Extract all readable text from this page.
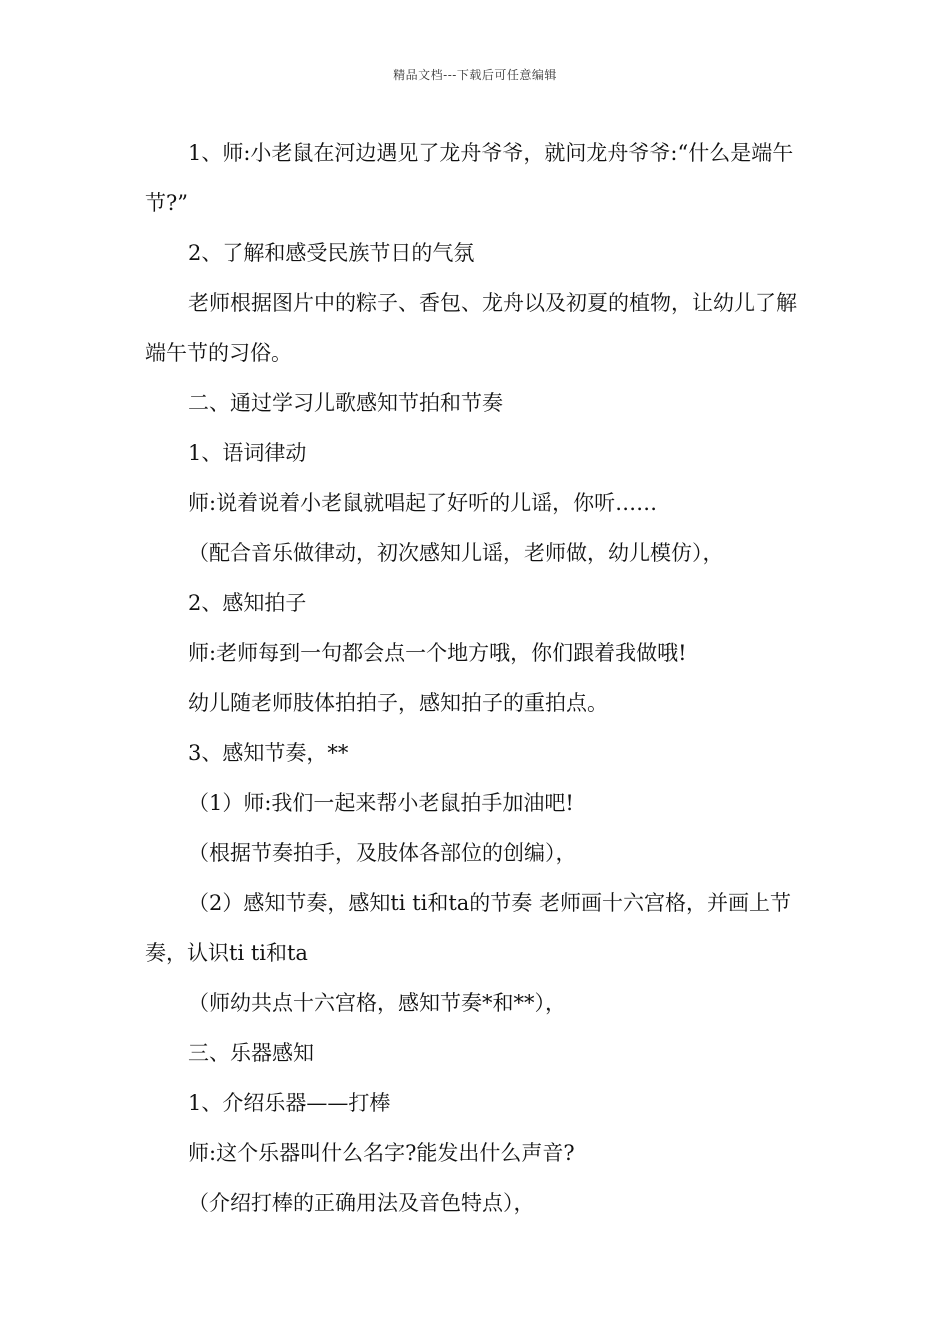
精品文档---下载后可任意编辑

1、师:小老鼠在河边遇见了龙舟爷爷，就问龙舟爷爷:“什么是端午节?”

2、了解和感受民族节日的气氛

老师根据图片中的粽子、香包、龙舟以及初夏的植物，让幼儿了解端午节的习俗。

二、通过学习儿歌感知节拍和节奏

1、语词律动

师:说着说着小老鼠就唱起了好听的儿谣，你听……

（配合音乐做律动，初次感知儿谣，老师做，幼儿模仿），

2、感知拍子

师:老师每到一句都会点一个地方哦，你们跟着我做哦!

幼儿随老师肢体拍拍子，感知拍子的重拍点。

3、感知节奏，**

（1）师:我们一起来帮小老鼠拍手加油吧!

（根据节奏拍手，及肢体各部位的创编），

（2）感知节奏，感知ti ti和ta的节奏 老师画十六宫格，并画上节奏，认识ti ti和ta

（师幼共点十六宫格，感知节奏*和**），

三、乐器感知

1、介绍乐器——打棒

师:这个乐器叫什么名字?能发出什么声音?

（介绍打棒的正确用法及音色特点），
